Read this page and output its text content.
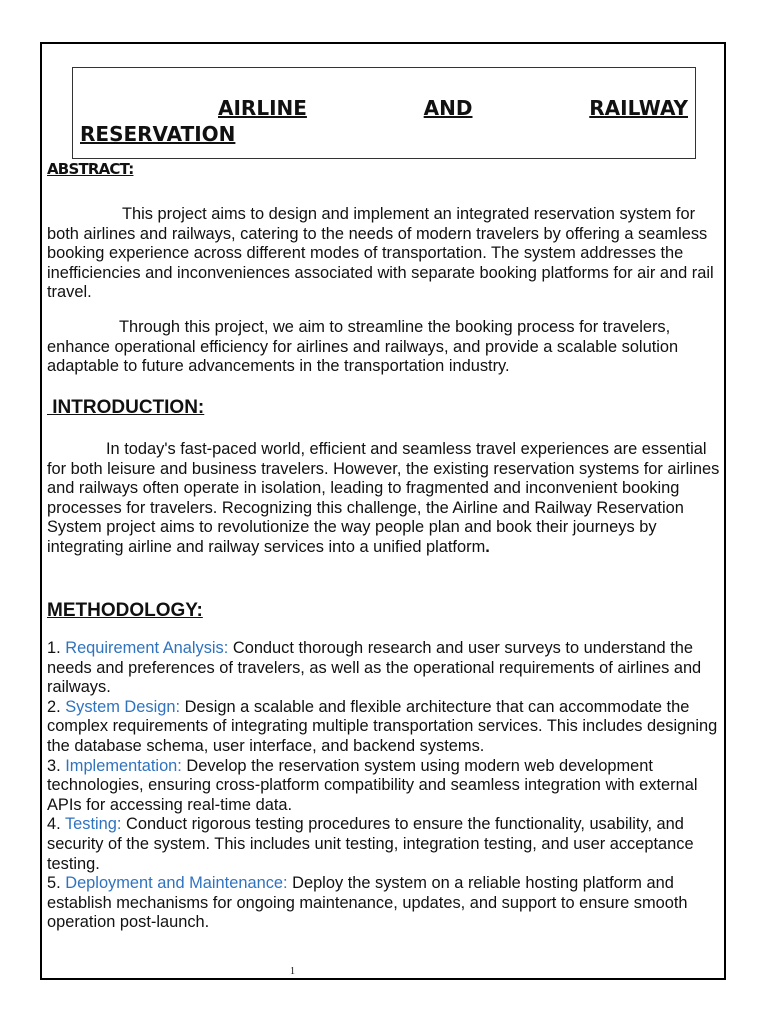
AIRLINE	AND	RAILWAY
RESERVATION
ABSTRACT:
This project aims to design and implement an integrated reservation system for both airlines and railways, catering to the needs of modern travelers by offering a seamless booking experience across different modes of transportation. The system addresses the inefficiencies and inconveniences associated with separate booking platforms for air and rail travel.
Through this project, we aim to streamline the booking process for travelers, enhance operational efficiency for airlines and railways, and provide a scalable solution adaptable to future advancements in the transportation industry.
INTRODUCTION:
In today's fast-paced world, efficient and seamless travel experiences are essential for both leisure and business travelers. However, the existing reservation systems for airlines and railways often operate in isolation, leading to fragmented and inconvenient booking processes for travelers. Recognizing this challenge, the Airline and Railway Reservation System project aims to revolutionize the way people plan and book their journeys by integrating airline and railway services into a unified platform.
METHODOLOGY:
1. Requirement Analysis: Conduct thorough research and user surveys to understand the needs and preferences of travelers, as well as the operational requirements of airlines and railways.
2. System Design: Design a scalable and flexible architecture that can accommodate the complex requirements of integrating multiple transportation services. This includes designing the database schema, user interface, and backend systems.
3. Implementation: Develop the reservation system using modern web development technologies, ensuring cross-platform compatibility and seamless integration with external APIs for accessing real-time data.
4. Testing: Conduct rigorous testing procedures to ensure the functionality, usability, and security of the system. This includes unit testing, integration testing, and user acceptance testing.
5. Deployment and Maintenance: Deploy the system on a reliable hosting platform and establish mechanisms for ongoing maintenance, updates, and support to ensure smooth operation post-launch.
1
